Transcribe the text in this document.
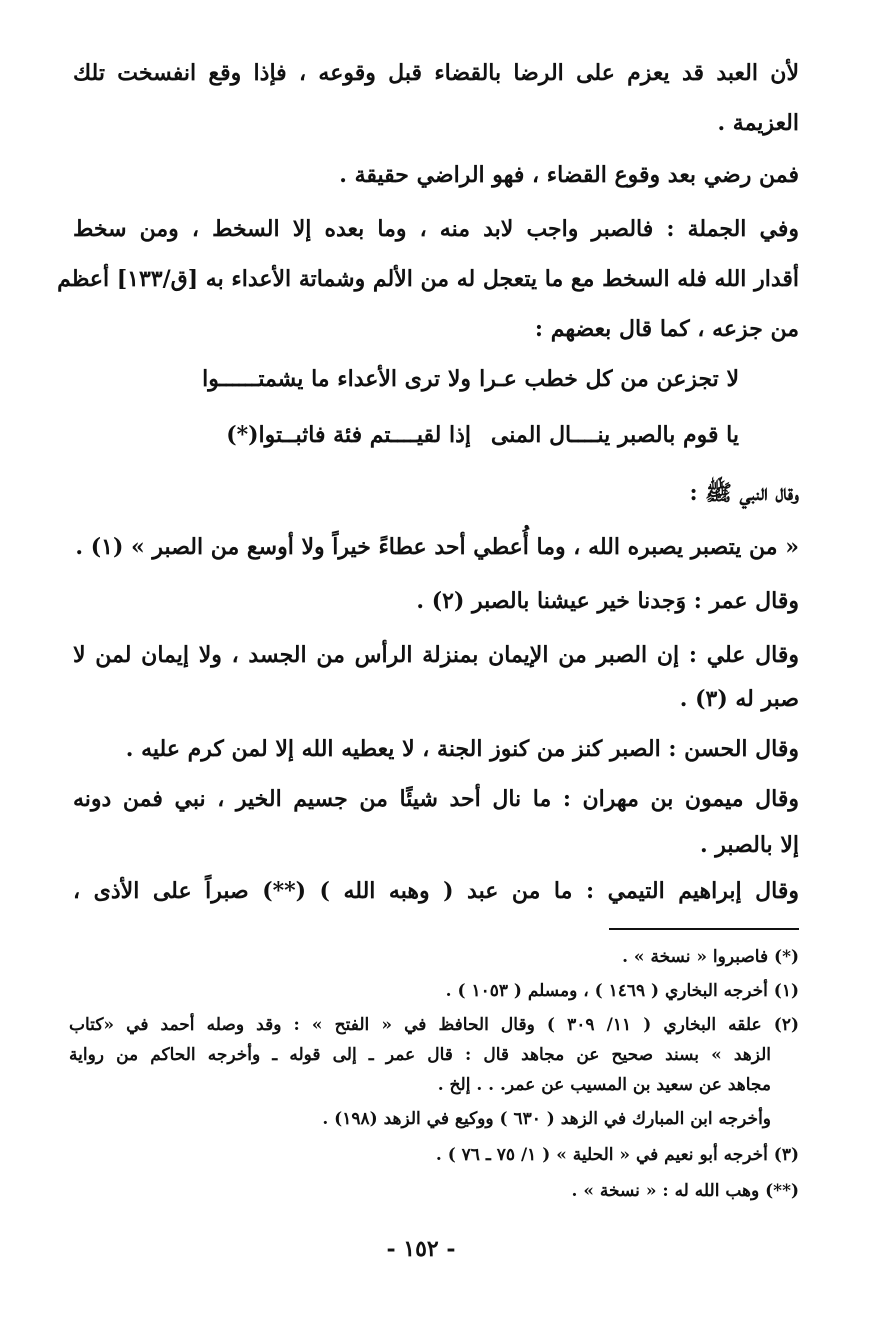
لأن العبد قد يعزم على الرضا بالقضاء قبل وقوعه ، فإذا وقع انفسخت تلك
العزيمة .
فمن رضي بعد وقوع القضاء ، فهو الراضي حقيقة .
وفي الجملة : فالصبر واجب لابد منه ، وما بعده إلا السخط ، ومن سخط
أقدار الله فله السخط مع ما يتعجل له من الألم وشماتة الأعداء به [ق/١٣٣] أعظم
من جزعه ، كما قال بعضهم :
لا تجزعن من كل خطب عـرا
ولا ترى الأعداء ما يشمتــــــوا
يا قوم بالصبر ينــــال المنى
إذا لقيــــتم فئة فاثبــتوا(*)
وقال النبي ﷺ :
« من يتصبر يصبره الله ، وما أُعطي أحد عطاءً خيراً ولا أوسع من الصبر » (١) .
وقال عمر : وَجدنا خير عيشنا بالصبر (٢) .
وقال علي : إن الصبر من الإيمان بمنزلة الرأس من الجسد ، ولا إيمان لمن لا
صبر له (٣) .
وقال الحسن : الصبر كنز من كنوز الجنة ، لا يعطيه الله إلا لمن كرم عليه .
وقال ميمون بن مهران : ما نال أحد شيئًا من جسيم الخير ، نبي فمن دونه
إلا بالصبر .
وقال إبراهيم التيمي : ما من عبد ( وهبه الله ) (**) صبراً على الأذى ،
(*) فاصبروا « نسخة » .
(١) أخرجه البخاري ( ١٤٦٩ ) ، ومسلم ( ١٠٥٣ ) .
(٢) علقه البخاري ( ١١/ ٣٠٩ ) وقال الحافظ في « الفتح » : وقد وصله أحمد في «كتاب
الزهد » بسند صحيح عن مجاهد قال : قال عمر ـ إلى قوله ـ وأخرجه الحاكم من رواية
مجاهد عن سعيد بن المسيب عن عمر. . . إلخ .
وأخرجه ابن المبارك في الزهد ( ٦٣٠ ) ووكيع في الزهد (١٩٨) .
(٣) أخرجه أبو نعيم في « الحلية » ( ١/ ٧٥ ـ ٧٦ ) .
(**) وهب الله له : « نسخة » .
- ١٥٢ -
